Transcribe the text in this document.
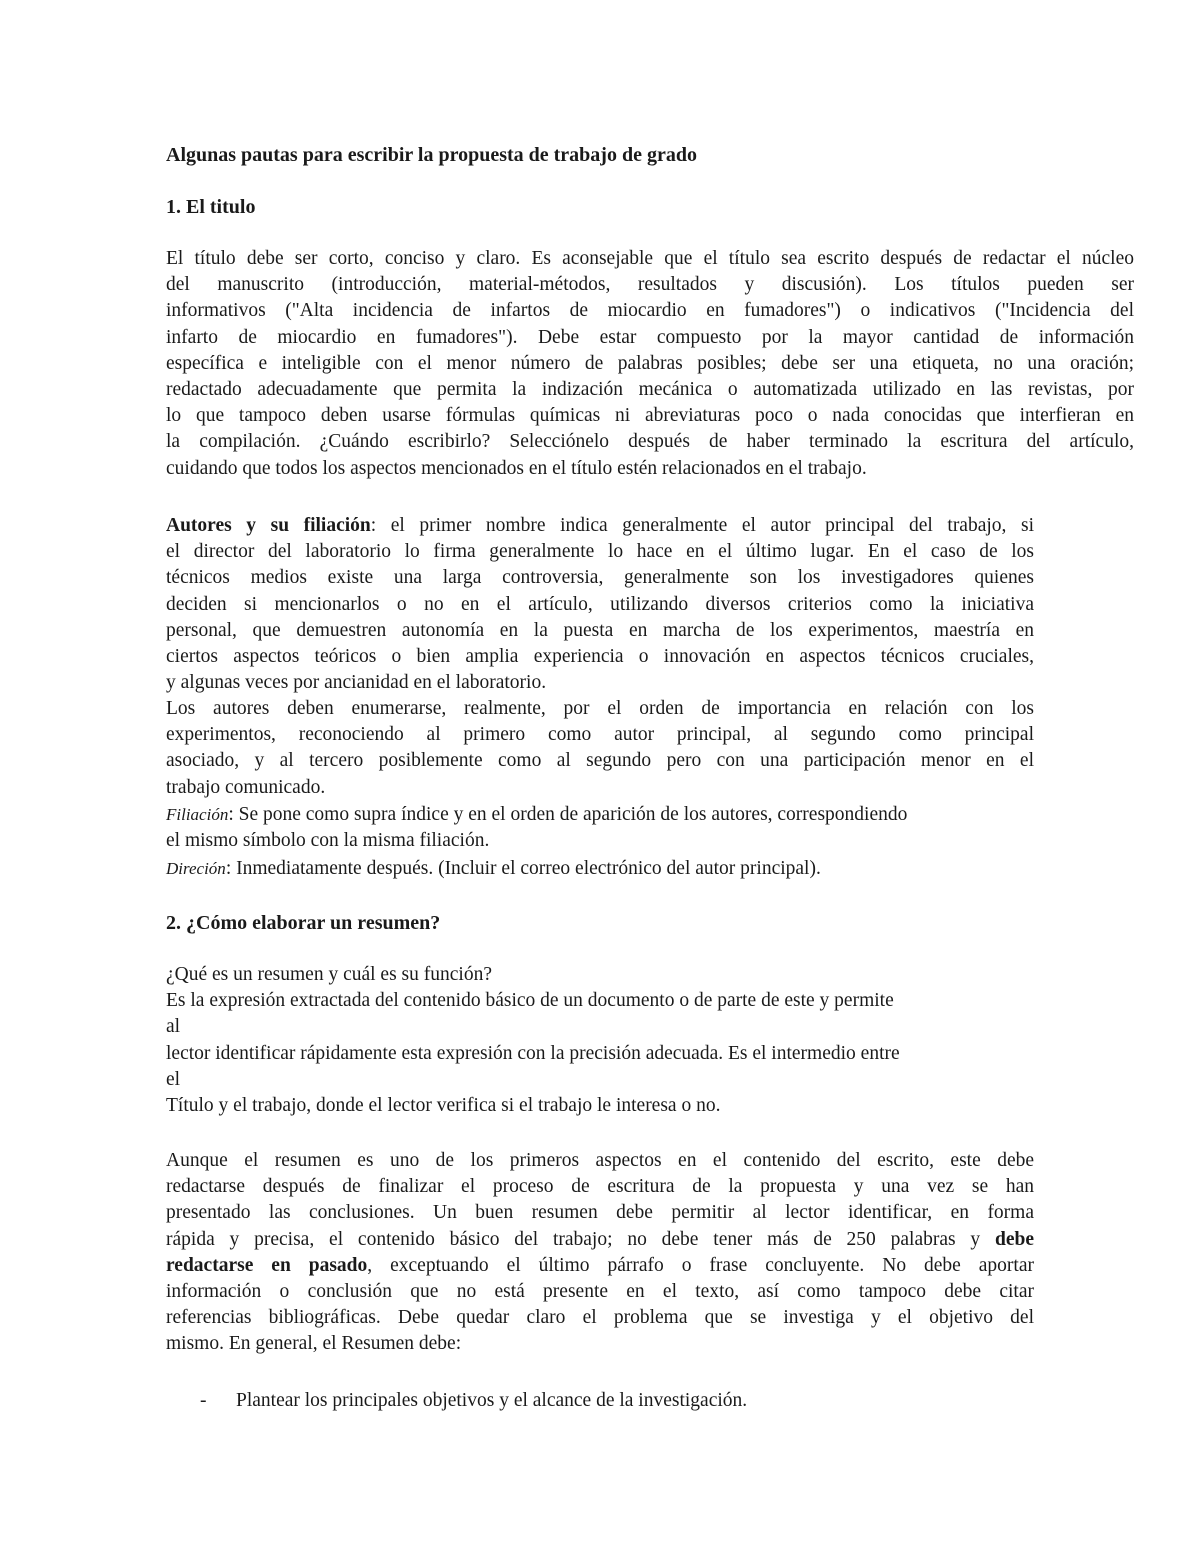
Algunas pautas para escribir la propuesta de trabajo de grado
1. El titulo
El título debe ser corto, conciso y claro. Es aconsejable que el título sea escrito después de redactar el núcleo
del manuscrito (introducción, material-métodos, resultados y discusión). Los títulos pueden ser
informativos ("Alta incidencia de infartos de miocardio en fumadores") o indicativos ("Incidencia del
infarto de miocardio en fumadores"). Debe estar compuesto por la mayor cantidad de información
específica e inteligible con el menor número de palabras posibles; debe ser una etiqueta, no una oración;
redactado adecuadamente que permita la indización mecánica o automatizada utilizado en las revistas, por
lo que tampoco deben usarse fórmulas químicas ni abreviaturas poco o nada conocidas que interfieran en
la compilación. ¿Cuándo escribirlo? Selecciónelo después de haber terminado la escritura del artículo,
cuidando que todos los aspectos mencionados en el título estén relacionados en el trabajo.
Autores y su filiación: el primer nombre indica generalmente el autor principal del trabajo, si
el director del laboratorio lo firma generalmente lo hace en el último lugar. En el caso de los
técnicos medios existe una larga controversia, generalmente son los investigadores quienes
deciden si mencionarlos o no en el artículo, utilizando diversos criterios como la iniciativa
personal, que demuestren autonomía en la puesta en marcha de los experimentos, maestría en
ciertos aspectos teóricos o bien amplia experiencia o innovación en aspectos técnicos cruciales,
y algunas veces por ancianidad en el laboratorio.
Los autores deben enumerarse, realmente, por el orden de importancia en relación con los
experimentos, reconociendo al primero como autor principal, al segundo como principal
asociado, y al tercero posiblemente como al segundo pero con una participación menor en el
trabajo comunicado.
Filiación: Se pone como supra índice y en el orden de aparición de los autores, correspondiendo
el mismo símbolo con la misma filiación.
Direción: Inmediatamente después. (Incluir el correo electrónico del autor principal).
2. ¿Cómo elaborar un resumen?
¿Qué es un resumen y cuál es su función?
Es la expresión extractada del contenido básico de un documento o de parte de este y permite
al
lector identificar rápidamente esta expresión con la precisión adecuada. Es el intermedio entre
el
Título y el trabajo, donde el lector verifica si el trabajo le interesa o no.
Aunque el resumen es uno de los primeros aspectos en el contenido del escrito, este debe
redactarse después de finalizar el proceso de escritura de la propuesta y una vez se han
presentado las conclusiones. Un buen resumen debe permitir al lector identificar, en forma
rápida y precisa, el contenido básico del trabajo; no debe tener más de 250 palabras y debe
redactarse en pasado, exceptuando el último párrafo o frase concluyente. No debe aportar
información o conclusión que no está presente en el texto, así como tampoco debe citar
referencias bibliográficas. Debe quedar claro el problema que se investiga y el objetivo del
mismo. En general, el Resumen debe:
- Plantear los principales objetivos y el alcance de la investigación.
